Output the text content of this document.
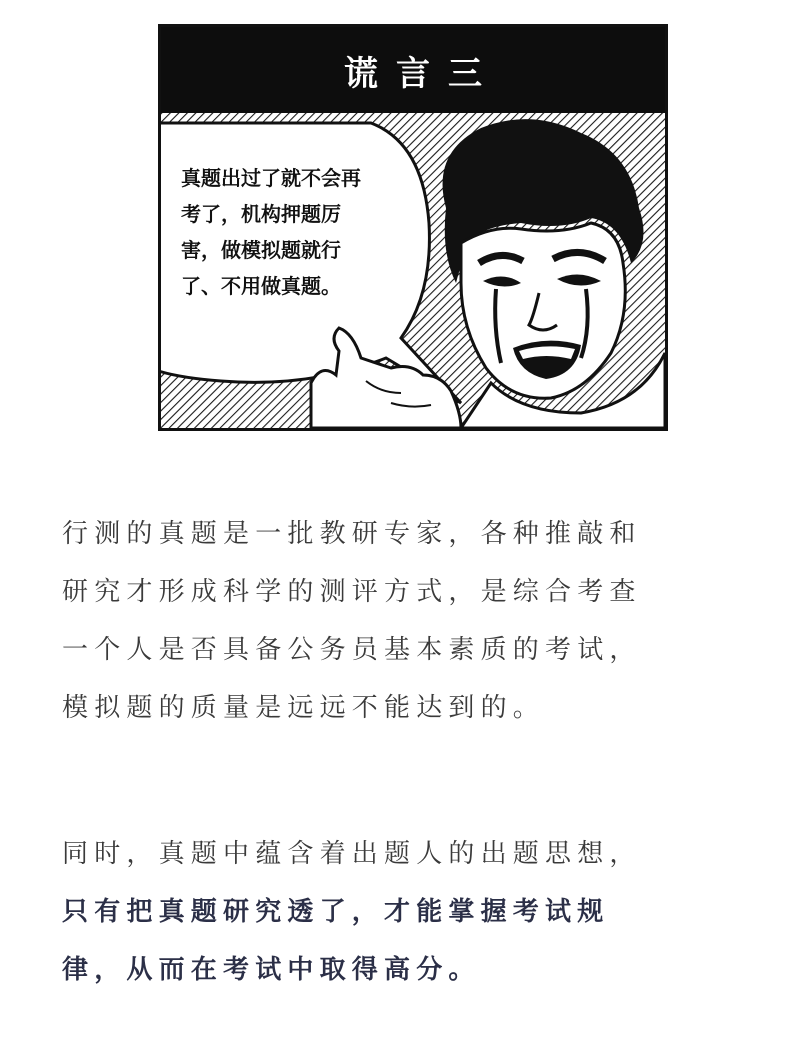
谎言三
真题出过了就不会再
考了，机构押题厉
害，做模拟题就行
了、不用做真题。
行测的真题是一批教研专家，各种推敲和
研究才形成科学的测评方式，是综合考查
一个人是否具备公务员基本素质的考试，
模拟题的质量是远远不能达到的。
同时，真题中蕴含着出题人的出题思想，
只有把真题研究透了，才能掌握考试规
律，从而在考试中取得高分。
